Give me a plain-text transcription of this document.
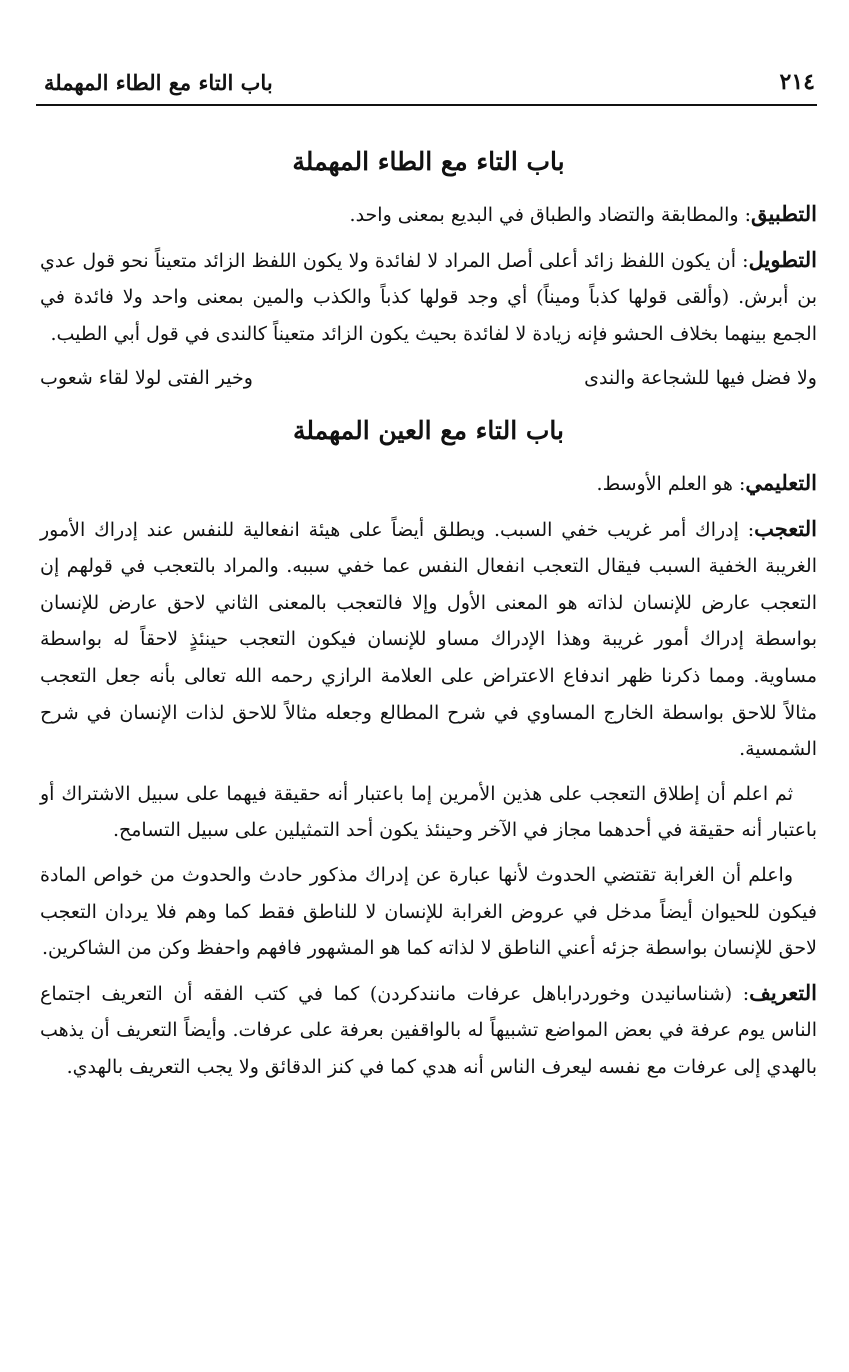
باب التاء مع الطاء المهملة	٢١٤
باب التاء مع الطاء المهملة

التطبيق: والمطابقة والتضاد والطباق في البديع بمعنى واحد.

التطويل: أن يكون اللفظ زائد أعلى أصل المراد لا لفائدة ولا يكون اللفظ الزائد متعيناً نحو قول عدي بن أبرش. (وألقى قولها كذباً وميناً) أي وجد قولها كذباً والكذب والمين بمعنى واحد ولا فائدة في الجمع بينهما بخلاف الحشو فإنه زيادة لا لفائدة بحيث يكون الزائد متعيناً كالندى في قول أبي الطيب.

ولا فضل فيها للشجاعة والندى
وخير الفتى لولا لقاء شعوب
باب التاء مع العين المهملة

التعليمي: هو العلم الأوسط.

التعجب: إدراك أمر غريب خفي السبب. ويطلق أيضاً على هيئة انفعالية للنفس عند إدراك الأمور الغريبة الخفية السبب فيقال التعجب انفعال النفس عما خفي سببه. والمراد بالتعجب في قولهم إن التعجب عارض للإنسان لذاته هو المعنى الأول وإلا فالتعجب بالمعنى الثاني لاحق عارض للإنسان بواسطة إدراك أمور غريبة وهذا الإدراك مساو للإنسان فيكون التعجب حينئذٍ لاحقاً له بواسطة مساوية. ومما ذكرنا ظهر اندفاع الاعتراض على العلامة الرازي رحمه الله تعالى بأنه جعل التعجب مثالاً للاحق بواسطة الخارج المساوي في شرح المطالع وجعله مثالاً للاحق لذات الإنسان في شرح الشمسية.

ثم اعلم أن إطلاق التعجب على هذين الأمرين إما باعتبار أنه حقيقة فيهما على سبيل الاشتراك أو باعتبار أنه حقيقة في أحدهما مجاز في الآخر وحينئذ يكون أحد التمثيلين على سبيل التسامح.

واعلم أن الغرابة تقتضي الحدوث لأنها عبارة عن إدراك مذكور حادث والحدوث من خواص المادة فيكون للحيوان أيضاً مدخل في عروض الغرابة للإنسان لا للناطق فقط كما وهم فلا يردان التعجب لاحق للإنسان بواسطة جزئه أعني الناطق لا لذاته كما هو المشهور فافهم واحفظ وكن من الشاكرين.

التعريف: (شناسانيدن وخوردراباهل عرفات مانندكردن) كما في كتب الفقه أن التعريف اجتماع الناس يوم عرفة في بعض المواضع تشبيهاً له بالواقفين بعرفة على عرفات. وأيضاً التعريف أن يذهب بالهدي إلى عرفات مع نفسه ليعرف الناس أنه هدي كما في كنز الدقائق ولا يجب التعريف بالهدي.
